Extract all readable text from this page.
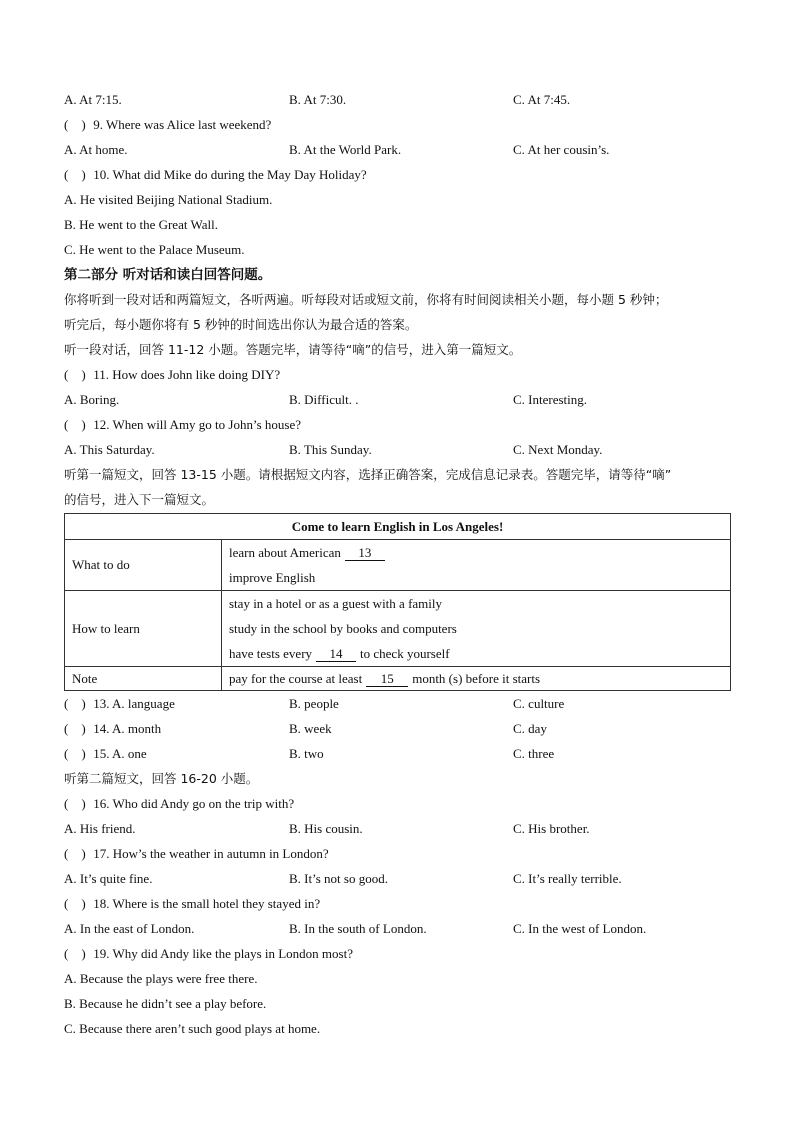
A. At 7:15.	B. At 7:30.	C. At 7:45.
( ) 9. Where was Alice last weekend?
A. At home.	B. At the World Park.	C. At her cousin’s.
( ) 10. What did Mike do during the May Day Holiday?
A. He visited Beijing National Stadium.
B. He went to the Great Wall.
C. He went to the Palace Museum.
第二部分 听对话和读白回答问题。
你将听到一段对话和两篇短文，各听两遍。听每段对话或短文前，你将有时间阅读相关小题，每小题 5 秒钟；
听完后，每小题你将有 5 秒钟的时间选出你认为最合适的答案。
听一段对话，回答 11-12 小题。答题完毕，请等待“嘀”的信号，进入第一篇短文。
( ) 11. How does John like doing DIY?
A. Boring.	B. Difficult. .	C. Interesting.
( ) 12. When will Amy go to John’s house?
A. This Saturday.	B. This Sunday.	C. Next Monday.
听第一篇短文，回答 13-15 小题。请根据短文内容，选择正确答案，完成信息记录表。答题完毕，请等待“嘀”
的信号，进入下一篇短文。
Come to learn English in Los Angeles!	
What to do	learn about American 13
improve English

How to learn	stay in a hotel or as a guest with a family
study in the school by books and computers
have tests every 14 to check yourself

Note	pay for the course at least 15 month (s) before it starts
( ) 13. A. language	B. people	C. culture
( ) 14. A. month	B. week	C. day
( ) 15. A. one	B. two	C. three
听第二篇短文，回答 16-20 小题。
( ) 16. Who did Andy go on the trip with?
A. His friend.	B. His cousin.	C. His brother.
( ) 17. How’s the weather in autumn in London?
A. It’s quite fine.	B. It’s not so good.	C. It’s really terrible.
( ) 18. Where is the small hotel they stayed in?
A. In the east of London.	B. In the south of London.	C. In the west of London.
( ) 19. Why did Andy like the plays in London most?
A. Because the plays were free there.
B. Because he didn’t see a play before.
C. Because there aren’t such good plays at home.
